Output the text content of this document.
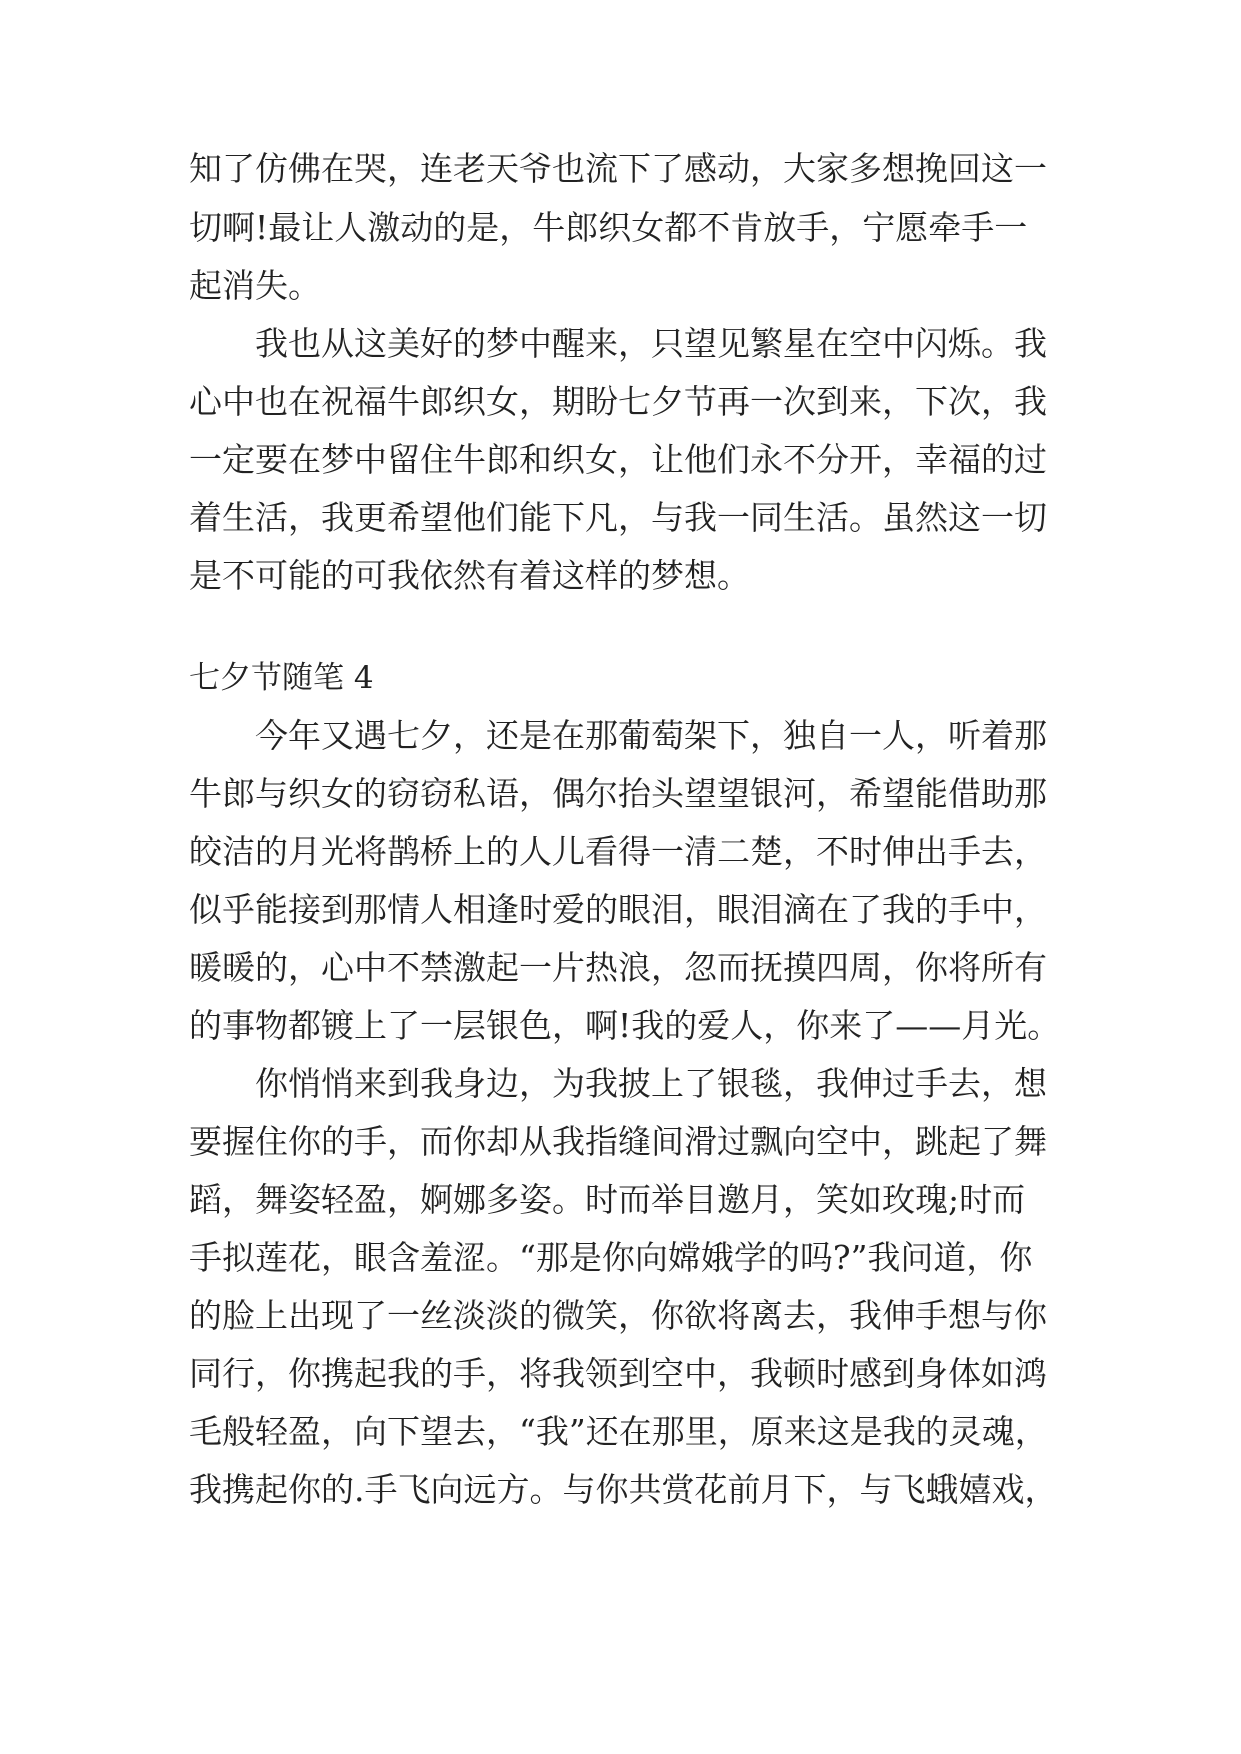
知了仿佛在哭，连老天爷也流下了感动，大家多想挽回这一
切啊!最让人激动的是，牛郎织女都不肯放手，宁愿牵手一
起消失。
我也从这美好的梦中醒来，只望见繁星在空中闪烁。我
心中也在祝福牛郎织女，期盼七夕节再一次到来，下次，我
一定要在梦中留住牛郎和织女，让他们永不分开，幸福的过
着生活，我更希望他们能下凡，与我一同生活。虽然这一切
是不可能的可我依然有着这样的梦想。
七夕节随笔 4
今年又遇七夕，还是在那葡萄架下，独自一人，听着那
牛郎与织女的窃窃私语，偶尔抬头望望银河，希望能借助那
皎洁的月光将鹊桥上的人儿看得一清二楚，不时伸出手去，
似乎能接到那情人相逢时爱的眼泪，眼泪滴在了我的手中，
暖暖的，心中不禁激起一片热浪，忽而抚摸四周，你将所有
的事物都镀上了一层银色，啊!我的爱人，你来了——月光。
你悄悄来到我身边，为我披上了银毯，我伸过手去，想
要握住你的手，而你却从我指缝间滑过飘向空中，跳起了舞
蹈，舞姿轻盈，婀娜多姿。时而举目邀月，笑如玫瑰;时而
手拟莲花，眼含羞涩。“那是你向嫦娥学的吗?”我问道，你
的脸上出现了一丝淡淡的微笑，你欲将离去，我伸手想与你
同行，你携起我的手，将我领到空中，我顿时感到身体如鸿
毛般轻盈，向下望去，“我”还在那里，原来这是我的灵魂，
我携起你的.手飞向远方。与你共赏花前月下，与飞蛾嬉戏，
